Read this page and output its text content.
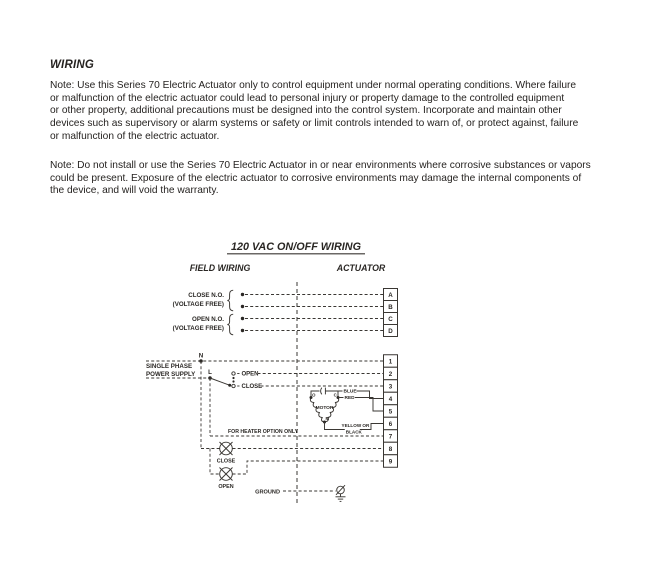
WIRING

Note: Use this Series 70 Electric Actuator only to control equipment under normal operating conditions. Where failure
or malfunction of the electric actuator could lead to personal injury or property damage to the controlled equipment
or other property, additional precautions must be designed into the control system. Incorporate and maintain other
devices such as supervisory or alarm systems or safety or limit controls intended to warn of, or protect against, failure
or malfunction of the electric actuator.

Note: Do not install or use the Series 70 Electric Actuator in or near environments where corrosive substances or vapors
could be present. Exposure of the electric actuator to corrosive environments may damage the internal components of
the device, and will void the warranty.

120 VAC ON/OFF WIRING
FIELD WIRING	ACTUATOR
CLOSE N.O.
(VOLTAGE FREE)
OPEN N.O.
(VOLTAGE FREE)
SINGLE PHASE
POWER SUPPLY
N
L	OPEN
CLOSE
O	C
M
MOTOR
BLUE
RED
YELLOW OR
BLACK
FOR HEATER OPTION ONLY
CLOSE
OPEN
GROUND
A
B
C
D
1
2
3
4
5
6
7
8
9
